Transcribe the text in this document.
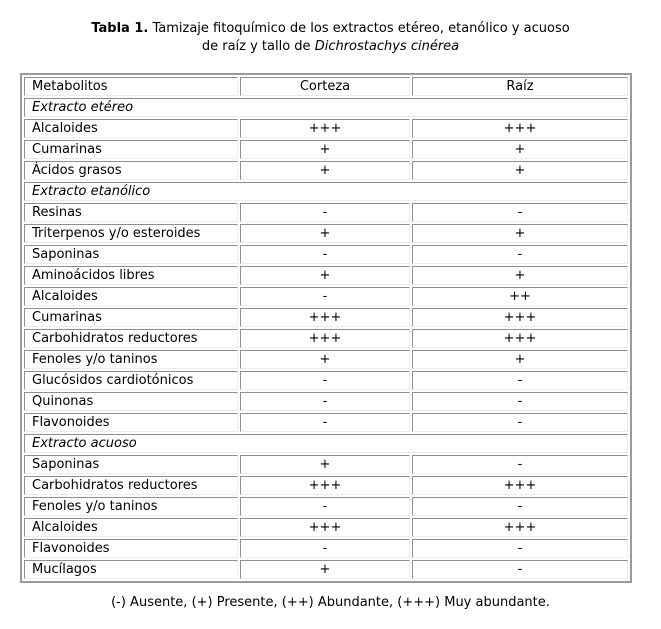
Tabla 1. Tamizaje fitoquímico de los extractos etéreo, etanólico y acuoso
de raíz y tallo de Dichrostachys cinérea
Metabolitos	Corteza	Raíz
Extracto etéreo		
Alcaloides	+++	+++
Cumarinas	+	+
Ácidos grasos	+	+
Extracto etanólico		
Resinas	-	-
Triterpenos y/o esteroides	+	+
Saponinas	-	-
Aminoácidos libres	+	+
Alcaloides	-	++
Cumarinas	+++	+++
Carbohidratos reductores	+++	+++
Fenoles y/o taninos	+	+
Glucósidos cardiotónicos	-	-
Quinonas	-	-
Flavonoides	-	-
Extracto acuoso		
Saponinas	+	-
Carbohidratos reductores	+++	+++
Fenoles y/o taninos	-	-
Alcaloides	+++	+++
Flavonoides	-	-
Mucílagos	+	-
(-) Ausente, (+) Presente, (++) Abundante, (+++) Muy abundante.
